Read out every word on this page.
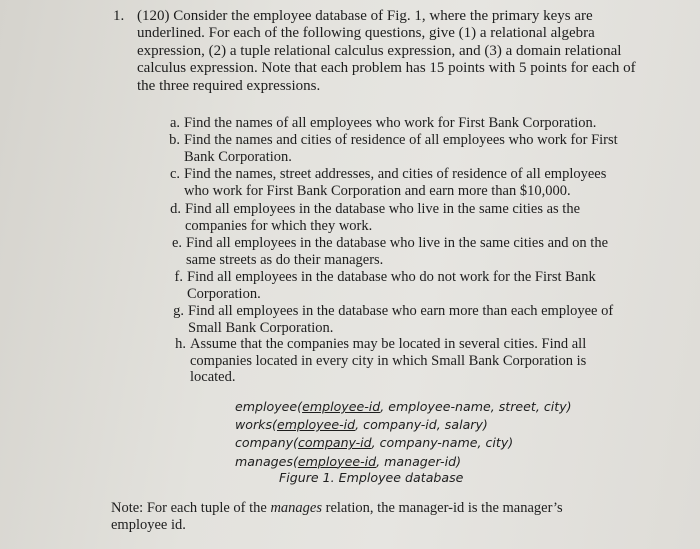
1. (120) Consider the employee database of Fig. 1, where the primary keys are underlined. For each of the following questions, give (1) a relational algebra expression, (2) a tuple relational calculus expression, and (3) a domain relational calculus expression. Note that each problem has 15 points with 5 points for each of the three required expressions.

a. Find the names of all employees who work for First Bank Corporation.
b. Find the names and cities of residence of all employees who work for First Bank Corporation.
c. Find the names, street addresses, and cities of residence of all employees who work for First Bank Corporation and earn more than $10,000.
d. Find all employees in the database who live in the same cities as the companies for which they work.
e. Find all employees in the database who live in the same cities and on the same streets as do their managers.
f. Find all employees in the database who do not work for the First Bank Corporation.
g. Find all employees in the database who earn more than each employee of Small Bank Corporation.
h. Assume that the companies may be located in several cities. Find all companies located in every city in which Small Bank Corporation is located.
employee(employee-id, employee-name, street, city)
works(employee-id, company-id, salary)
company(company-id, company-name, city)
manages(employee-id, manager-id)
Figure 1. Employee database
Note: For each tuple of the manages relation, the manager-id is the manager’s employee id.
